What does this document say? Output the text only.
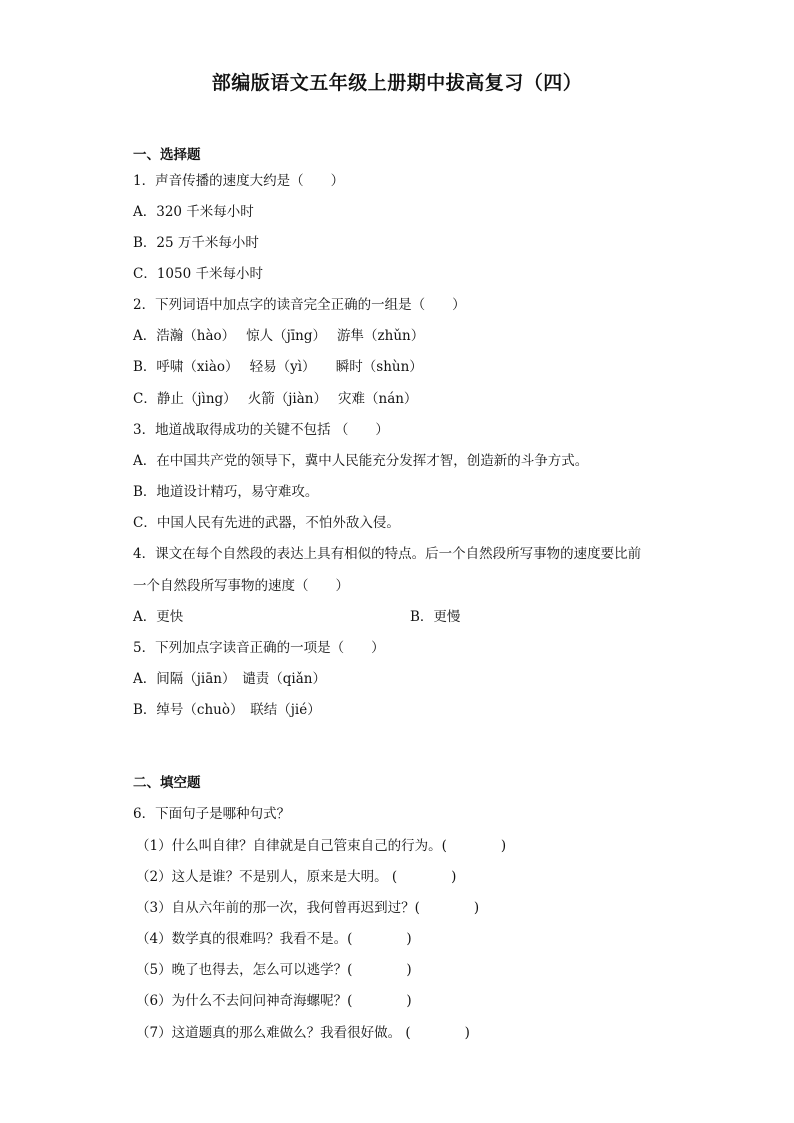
部编版语文五年级上册期中拔高复习（四）
一、选择题
1．声音传播的速度大约是（　　）
A．320 千米每小时
B．25 万千米每小时
C．1050 千米每小时
2．下列词语中加点字的读音完全正确的一组是（　　）
A．浩瀚（hào）　 惊人（jīng）　 游隼（zhǔn）
B．呼啸（xiào）　 轻易（yì）　　瞬时（shùn）
C．静止（jìng）　 火箭（jiàn）　 灾难（nán）
3．地道战取得成功的关键不包括 （　　）
A．在中国共产党的领导下，冀中人民能充分发挥才智，创造新的斗争方式。
B．地道设计精巧，易守难攻。
C．中国人民有先进的武器，不怕外敌入侵。
4．课文在每个自然段的表达上具有相似的特点。后一个自然段所写事物的速度要比前
一个自然段所写事物的速度（　　）
A．更快	B．更慢
5．下列加点字读音正确的一项是（　　）
A．间隔（jiān）　谴责（qiǎn）
B．绰号（chuò）　联结（jié）
二、填空题
6．下面句子是哪种句式？
（1）什么叫自律？自律就是自己管束自己的行为。(　　　　)
（2）这人是谁？不是别人，原来是大明。 (　　　　)
（3）自从六年前的那一次，我何曾再迟到过？(　　　　)
（4）数学真的很难吗？我看不是。(　　　　)
（5）晚了也得去，怎么可以逃学？(　　　　)
（6）为什么不去问问神奇海螺呢？(　　　　)
（7）这道题真的那么难做么？我看很好做。 (　　　　)
